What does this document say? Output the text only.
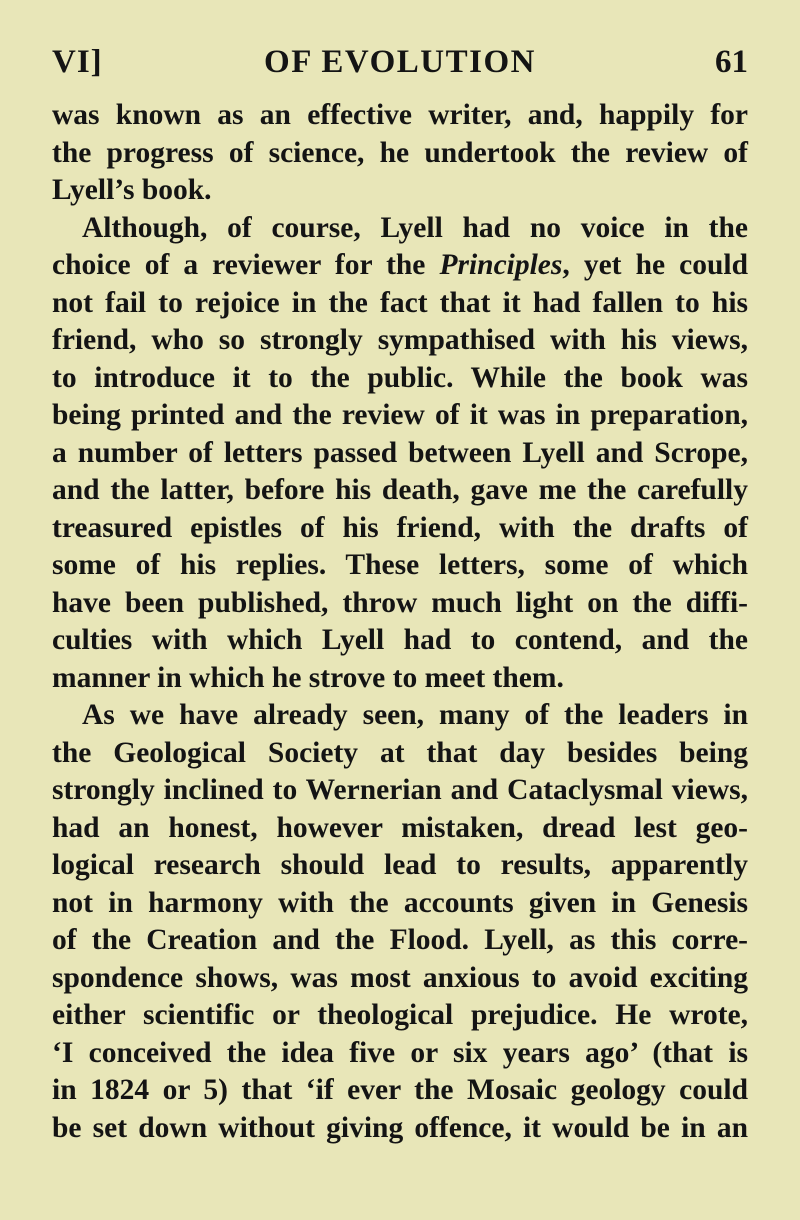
VI]	OF EVOLUTION	61
was known as an effective writer, and, happily for
the progress of science, he undertook the review of
Lyell’s book.
Although, of course, Lyell had no voice in the
choice of a reviewer for the Principles, yet he could
not fail to rejoice in the fact that it had fallen to his
friend, who so strongly sympathised with his views,
to introduce it to the public. While the book was
being printed and the review of it was in preparation,
a number of letters passed between Lyell and Scrope,
and the latter, before his death, gave me the carefully
treasured epistles of his friend, with the drafts of
some of his replies. These letters, some of which
have been published, throw much light on the diffi-
culties with which Lyell had to contend, and the
manner in which he strove to meet them.
As we have already seen, many of the leaders in
the Geological Society at that day besides being
strongly inclined to Wernerian and Cataclysmal views,
had an honest, however mistaken, dread lest geo-
logical research should lead to results, apparently
not in harmony with the accounts given in Genesis
of the Creation and the Flood. Lyell, as this corre-
spondence shows, was most anxious to avoid exciting
either scientific or theological prejudice. He wrote,
‘I conceived the idea five or six years ago’ (that is
in 1824 or 5) that ‘if ever the Mosaic geology could
be set down without giving offence, it would be in an
